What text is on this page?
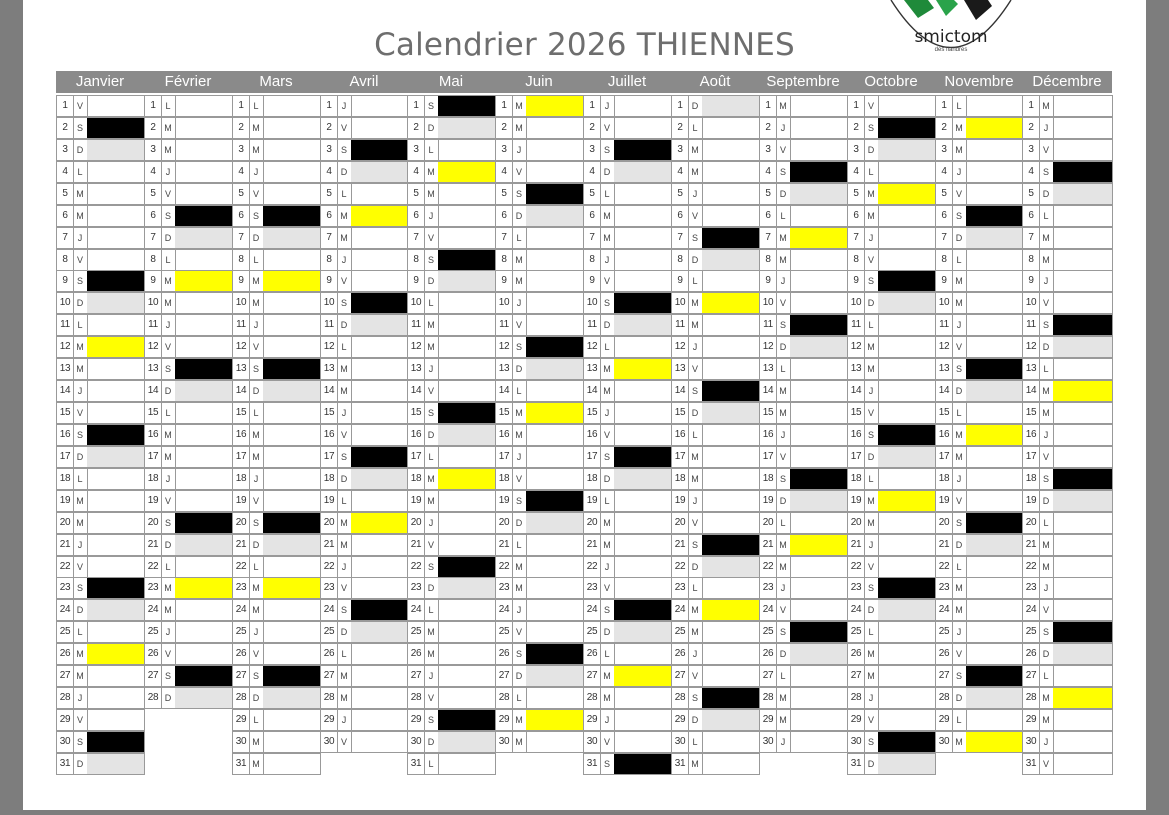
Calendrier 2026 THIENNES	smictom
des flandres
Janvier
1	V
2	S
3	D
4	L
5 M
6 M
7	J
8	V
9	S
10 D
11 L
12 M
13 M
14 J
15 V
16 S
17 D
18 L
19 M
20 M
21 J
22 V
23 S
24 D
25 L
26 M
27 M
28 J
29 V
30 S
31 D
Février
1	L
2 M
3 M
4	J
5	V
6	S
7	D
8	L
9 M
10 M
11 J
12 V
13 S
14 D
15 L
16 M
17 M
18 J
19 V
20 S
21 D
22 L
23 M
24 M
25 J
26 V
27 S
28 D
Mars
1	L
2 M
3 M
4	J
5	V
6	S
7	D
8	L
9 M
10 M
11 J
12 V
13 S
14 D
15 L
16 M
17 M
18 J
19 V
20 S
21 D
22 L
23 M
24 M
25 J
26 V
27 S
28 D
29 L
30 M
31 M
Avril
1	J
2	V
3	S
4	D
5	L
6 M
7 M
8	J
9	V
10 S
11 D
12 L
13 M
14 M
15 J
16 V
17 S
18 D
19 L
20 M
21 M
22 J
23 V
24 S
25 D
26 L
27 M
28 M
29 J
30 V
Mai
1	S
2	D
3	L
4 M
5 M
6	J
7	V
8	S
9	D
10 L
11 M
12 M
13 J
14 V
15 S
16 D
17 L
18 M
19 M
20 J
21 V
22 S
23 D
24 L
25 M
26 M
27 J
28 V
29 S
30 D
31 L
Juin
1 M
2 M
3	J
4	V
5	S
6	D
7	L
8 M
9 M
10 J
11 V
12 S
13 D
14 L
15 M
16 M
17 J
18 V
19 S
20 D
21 L
22 M
23 M
24 J
25 V
26 S
27 D
28 L
29 M
30 M
Juillet
1	J
2	V
3	S
4	D
5	L
6 M
7 M
8	J
9	V
10 S
11 D
12 L
13 M
14 M
15 J
16 V
17 S
18 D
19 L
20 M
21 M
22 J
23 V
24 S
25 D
26 L
27 M
28 M
29 J
30 V
31 S
Août
1	D
2	L
3 M
4 M
5	J
6	V
7	S
8	D
9	L
10 M
11 M
12 J
13 V
14 S
15 D
16 L
17 M
18 M
19 J
20 V
21 S
22 D
23 L
24 M
25 M
26 J
27 V
28 S
29 D
30 L
31 M
Septembre
1 M
2	J
3	V
4	S
5	D
6	L
7 M
8 M
9	J
10 V
11 S
12 D
13 L
14 M
15 M
16 J
17 V
18 S
19 D
20 L
21 M
22 M
23 J
24 V
25 S
26 D
27 L
28 M
29 M
30 J
Octobre
1	V
2	S
3	D
4	L
5 M
6 M
7	J
8	V
9	S
10 D
11 L
12 M
13 M
14 J
15 V
16 S
17 D
18 L
19 M
20 M
21 J
22 V
23 S
24 D
25 L
26 M
27 M
28 J
29 V
30 S
31 D
Novembre
1	L
2 M
3 M
4	J
5	V
6	S
7	D
8	L
9 M
10 M
11 J
12 V
13 S
14 D
15 L
16 M
17 M
18 J
19 V
20 S
21 D
22 L
23 M
24 M
25 J
26 V
27 S
28 D
29 L
30 M
Décembre
1 M
2	J
3	V
4	S
5	D
6	L
7 M
8 M
9	J
10 V
11 S
12 D
13 L
14 M
15 M
16 J
17 V
18 S
19 D
20 L
21 M
22 M
23 J
24 V
25 S
26 D
27 L
28 M
29 M
30 J
31 V
